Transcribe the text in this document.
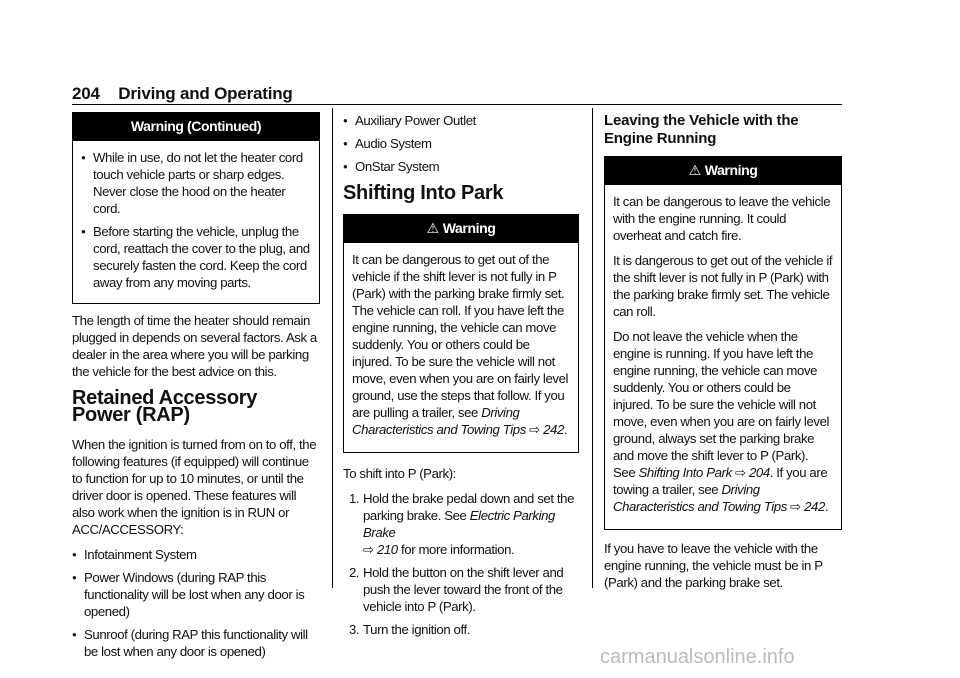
204 Driving and Operating
Warning (Continued)
● While in use, do not let the heater cord touch vehicle parts or sharp edges. Never close the hood on the heater cord.
● Before starting the vehicle, unplug the cord, reattach the cover to the plug, and securely fasten the cord. Keep the cord away from any moving parts.

The length of time the heater should remain plugged in depends on several factors. Ask a dealer in the area where you will be parking the vehicle for the best advice on this.

Retained Accessory Power (RAP)

When the ignition is turned from on to off, the following features (if equipped) will continue to function for up to 10 minutes, or until the driver door is opened. These features will also work when the ignition is in RUN or ACC/ACCESSORY:

● Infotainment System
● Power Windows (during RAP this functionality will be lost when any door is opened)
● Sunroof (during RAP this functionality will be lost when any door is opened)
● Auxiliary Power Outlet
● Audio System
● OnStar System
Shifting Into Park
⚠ Warning

It can be dangerous to get out of the vehicle if the shift lever is not fully in P (Park) with the parking brake firmly set. The vehicle can roll. If you have left the engine running, the vehicle can move suddenly. You or others could be injured. To be sure the vehicle will not move, even when you are on fairly level ground, use the steps that follow. If you are pulling a trailer, see Driving Characteristics and Towing Tips ⇨ 242.

To shift into P (Park):

1. Hold the brake pedal down and set the parking brake. See Electric Parking Brake
⇨ 210 for more information.
2. Hold the button on the shift lever and push the lever toward the front of the vehicle into P (Park).
3. Turn the ignition off.
Leaving the Vehicle with the Engine Running
⚠ Warning

It can be dangerous to leave the vehicle with the engine running. It could overheat and catch fire.

It is dangerous to get out of the vehicle if the shift lever is not fully in P (Park) with the parking brake firmly set. The vehicle can roll.

Do not leave the vehicle when the engine is running. If you have left the engine running, the vehicle can move suddenly. You or others could be injured. To be sure the vehicle will not move, even when you are on fairly level ground, always set the parking brake and move the shift lever to P (Park). See Shifting Into Park ⇨ 204. If you are towing a trailer, see Driving Characteristics and Towing Tips ⇨ 242.

If you have to leave the vehicle with the engine running, the vehicle must be in P (Park) and the parking brake set.

carmanualsonline.info
